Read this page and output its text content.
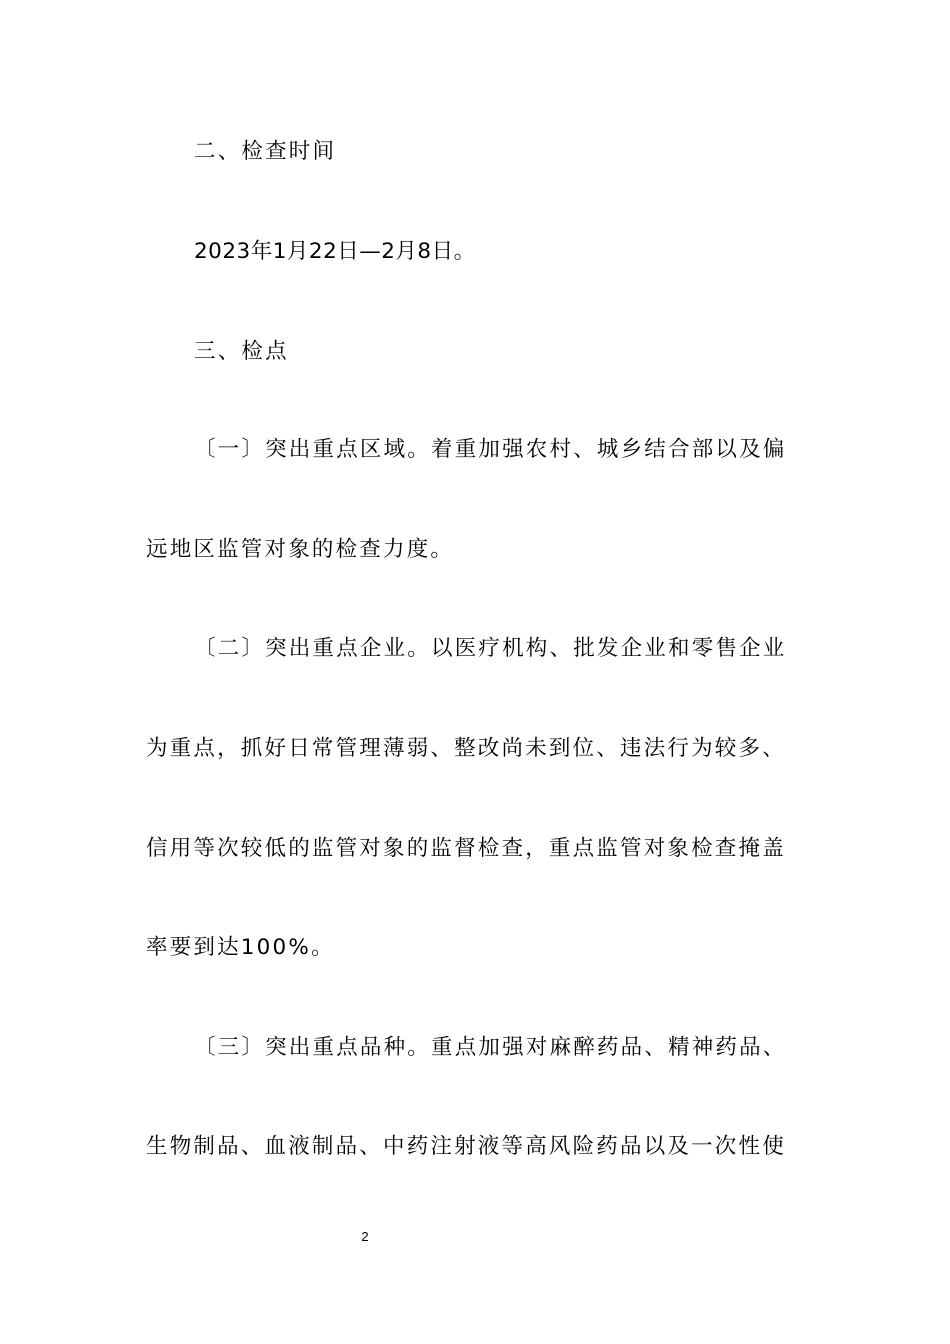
二、检查时间
2023年1月22日—2月8日。
三、检点
〔一〕突出重点区域。着重加强农村、城乡结合部以及偏
远地区监管对象的检查力度。
〔二〕突出重点企业。以医疗机构、批发企业和零售企业
为重点，抓好日常管理薄弱、整改尚未到位、违法行为较多、
信用等次较低的监管对象的监督检查，重点监管对象检查掩盖
率要到达100%。
〔三〕突出重点品种。重点加强对麻醉药品、精神药品、
生物制品、血液制品、中药注射液等高风险药品以及一次性使
2
